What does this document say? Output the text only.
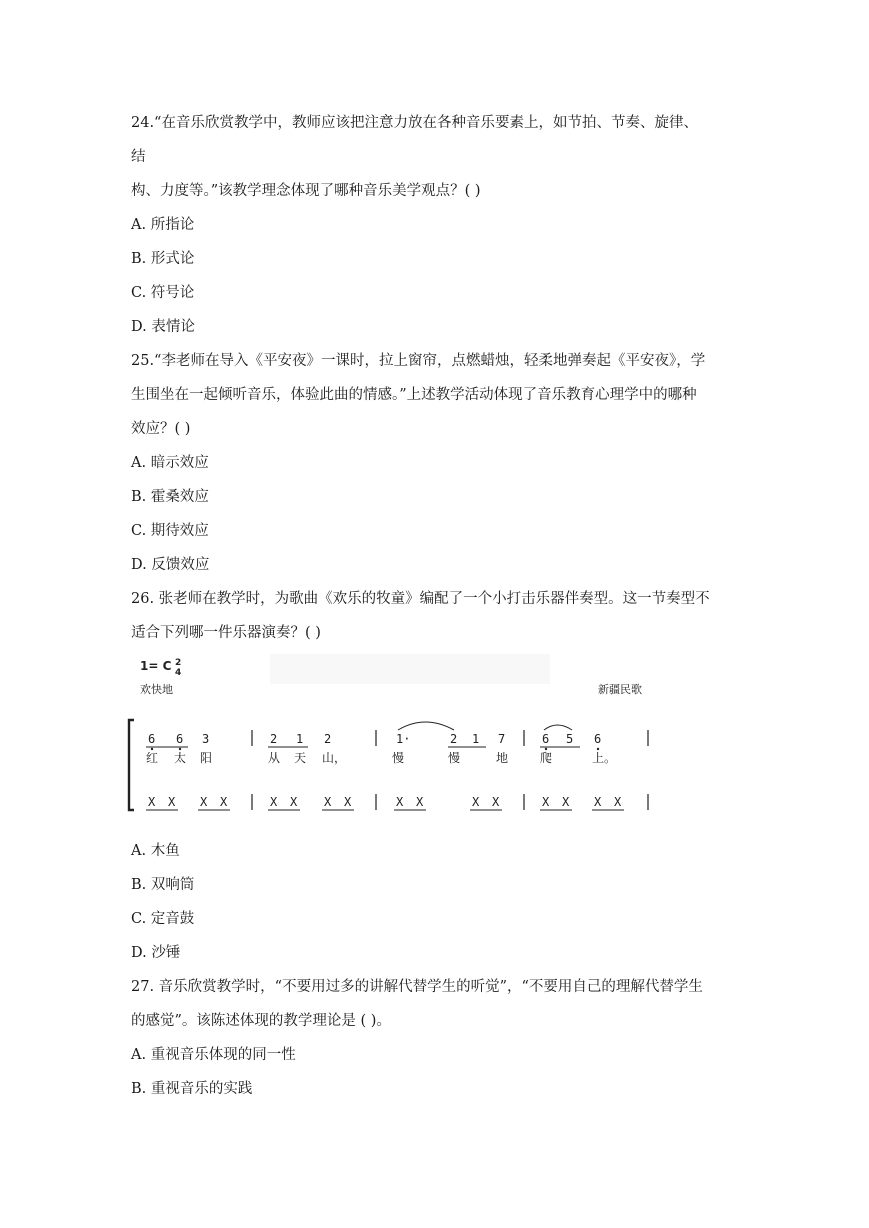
24.“在音乐欣赏教学中，教师应该把注意力放在各种音乐要素上，如节拍、节奏、旋律、
结
构、力度等。”该教学理念体现了哪种音乐美学观点？( )
A. 所指论
B. 形式论
C. 符号论
D. 表情论
25.“李老师在导入《平安夜》一课时，拉上窗帘，点燃蜡烛，轻柔地弹奏起《平安夜》，学
生围坐在一起倾听音乐，体验此曲的情感。”上述教学活动体现了音乐教育心理学中的哪种
效应？( )
A. 暗示效应
B. 霍桑效应
C. 期待效应
D. 反馈效应
26. 张老师在教学时，为歌曲《欢乐的牧童》编配了一个小打击乐器伴奏型。这一节奏型不
适合下列哪一件乐器演奏？( )
1= C 2
4
欢快地	新疆民歌
6 6 3	2 1 2	1·	2 1 7	6 5 6
红 太 阳	从 天 山，	慢	慢	地	爬	上。
X X X X	X X X X	X X	X X	X X X X
A. 木鱼
B. 双响筒
C. 定音鼓
D. 沙锤
27. 音乐欣赏教学时，“不要用过多的讲解代替学生的听觉”，“不要用自己的理解代替学生
的感觉”。该陈述体现的教学理论是 ( )。
A. 重视音乐体现的同一性
B. 重视音乐的实践
